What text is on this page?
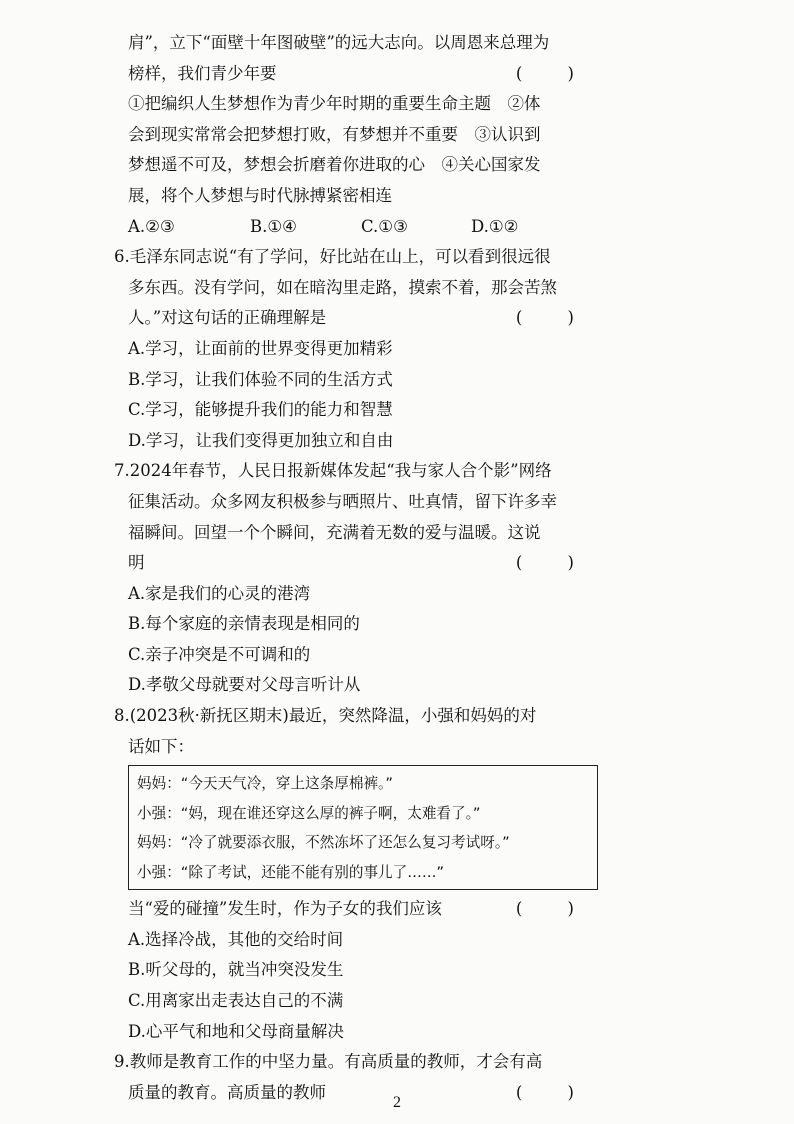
肩”，立下“面壁十年图破壁”的远大志向。以周恩来总理为
榜样，我们青少年要	( )
①把编织人生梦想作为青少年时期的重要生命主题　②体
会到现实常常会把梦想打败，有梦想并不重要　③认识到
梦想遥不可及，梦想会折磨着你进取的心　④关心国家发
展，将个人梦想与时代脉搏紧密相连
A.②③	B.①④	C.①③	D.①②
6.毛泽东同志说“有了学问，好比站在山上，可以看到很远很
多东西。没有学问，如在暗沟里走路，摸索不着，那会苦煞
人。”对这句话的正确理解是	( )
A.学习，让面前的世界变得更加精彩
B.学习，让我们体验不同的生活方式
C.学习，能够提升我们的能力和智慧
D.学习，让我们变得更加独立和自由
7.2024年春节，人民日报新媒体发起“我与家人合个影”网络
征集活动。众多网友积极参与晒照片、吐真情，留下许多幸
福瞬间。回望一个个瞬间，充满着无数的爱与温暖。这说
明	( )
A.家是我们的心灵的港湾
B.每个家庭的亲情表现是相同的
C.亲子冲突是不可调和的
D.孝敬父母就要对父母言听计从
8.(2023秋·新抚区期末)最近，突然降温，小强和妈妈的对
话如下：
妈妈：“今天天气冷，穿上这条厚棉裤。”
小强：“妈，现在谁还穿这么厚的裤子啊，太难看了。”
妈妈：“冷了就要添衣服，不然冻坏了还怎么复习考试呀。”
小强：“除了考试，还能不能有别的事儿了……”
当“爱的碰撞”发生时，作为子女的我们应该	( )
A.选择冷战，其他的交给时间
B.听父母的，就当冲突没发生
C.用离家出走表达自己的不满
D.心平气和地和父母商量解决
9.教师是教育工作的中坚力量。有高质量的教师，才会有高
质量的教育。高质量的教师	( )
2
